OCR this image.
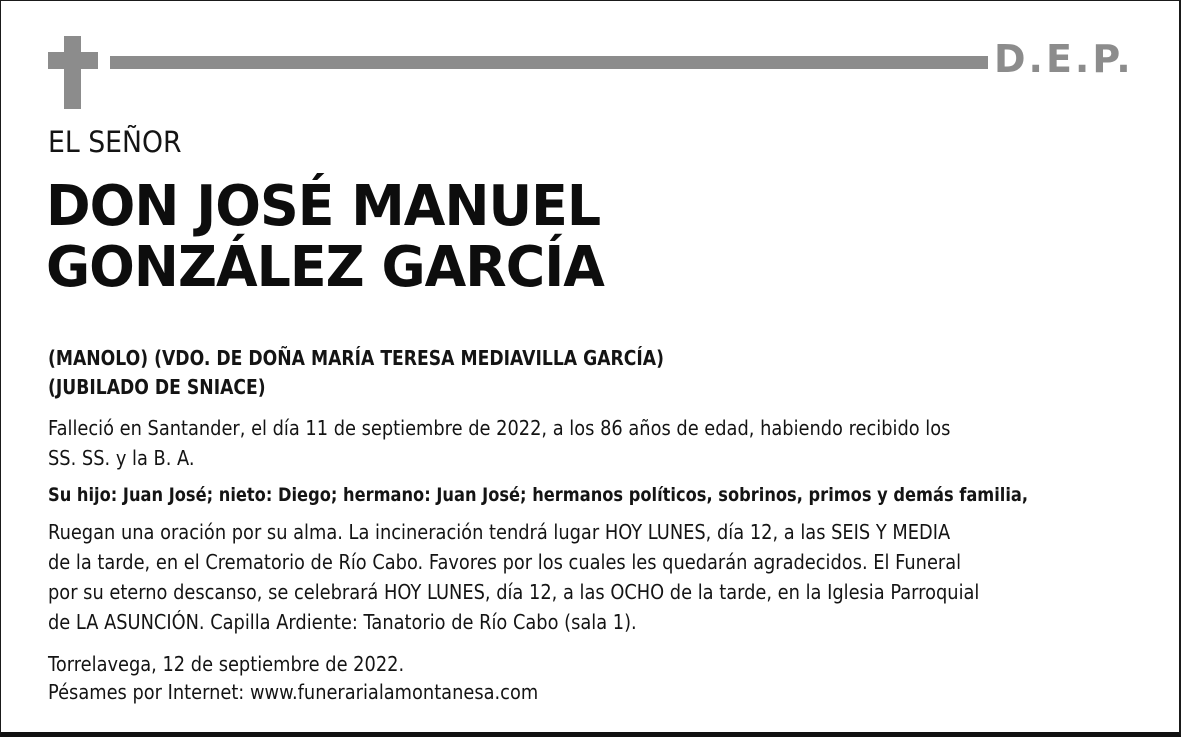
D.E.P.
EL SEÑOR
DON JOSÉ MANUEL
GONZÁLEZ GARCÍA
(MANOLO) (VDO. DE DOÑA MARÍA TERESA MEDIAVILLA GARCÍA)
(JUBILADO DE SNIACE)
Falleció en Santander, el día 11 de septiembre de 2022, a los 86 años de edad, habiendo recibido los
SS. SS. y la B. A.
Su hijo: Juan José; nieto: Diego; hermano: Juan José; hermanos políticos, sobrinos, primos y demás familia,
Ruegan una oración por su alma. La incineración tendrá lugar HOY LUNES, día 12, a las SEIS Y MEDIA
de la tarde, en el Crematorio de Río Cabo. Favores por los cuales les quedarán agradecidos. El Funeral
por su eterno descanso, se celebrará HOY LUNES, día 12, a las OCHO de la tarde, en la Iglesia Parroquial
de LA ASUNCIÓN. Capilla Ardiente: Tanatorio de Río Cabo (sala 1).
Torrelavega, 12 de septiembre de 2022.
Pésames por Internet: www.funerarialamontanesa.com
